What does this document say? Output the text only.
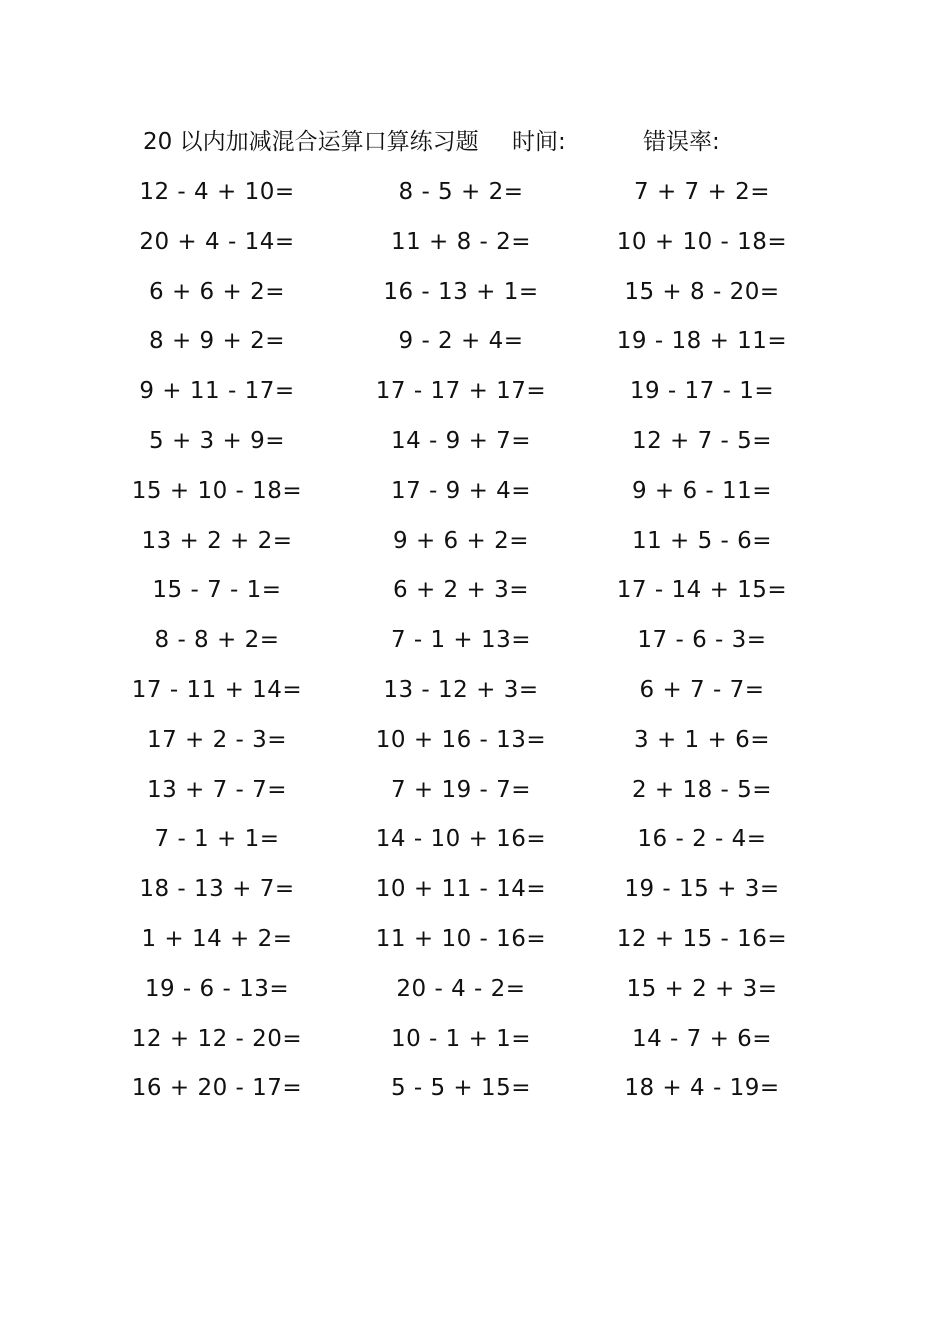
20 以内加减混合运算口算练习题 时间:	错误率:
12 - 4 + 10=	8 - 5 + 2=	7 + 7 + 2=
20 + 4 - 14=	11 + 8 - 2=	10 + 10 - 18=
6 + 6 + 2=	16 - 13 + 1=	15 + 8 - 20=
8 + 9 + 2=	9 - 2 + 4=	19 - 18 + 11=
9 + 11 - 17=	17 - 17 + 17=	19 - 17 - 1=
5 + 3 + 9=	14 - 9 + 7=	12 + 7 - 5=
15 + 10 - 18=	17 - 9 + 4=	9 + 6 - 11=
13 + 2 + 2=	9 + 6 + 2=	11 + 5 - 6=
15 - 7 - 1=	6 + 2 + 3=	17 - 14 + 15=
8 - 8 + 2=	7 - 1 + 13=	17 - 6 - 3=
17 - 11 + 14=	13 - 12 + 3=	6 + 7 - 7=
17 + 2 - 3=	10 + 16 - 13=	3 + 1 + 6=
13 + 7 - 7=	7 + 19 - 7=	2 + 18 - 5=
7 - 1 + 1=	14 - 10 + 16=	16 - 2 - 4=
18 - 13 + 7=	10 + 11 - 14=	19 - 15 + 3=
1 + 14 + 2=	11 + 10 - 16=	12 + 15 - 16=
19 - 6 - 13=	20 - 4 - 2=	15 + 2 + 3=
12 + 12 - 20=	10 - 1 + 1=	14 - 7 + 6=
16 + 20 - 17=	5 - 5 + 15=	18 + 4 - 19=
